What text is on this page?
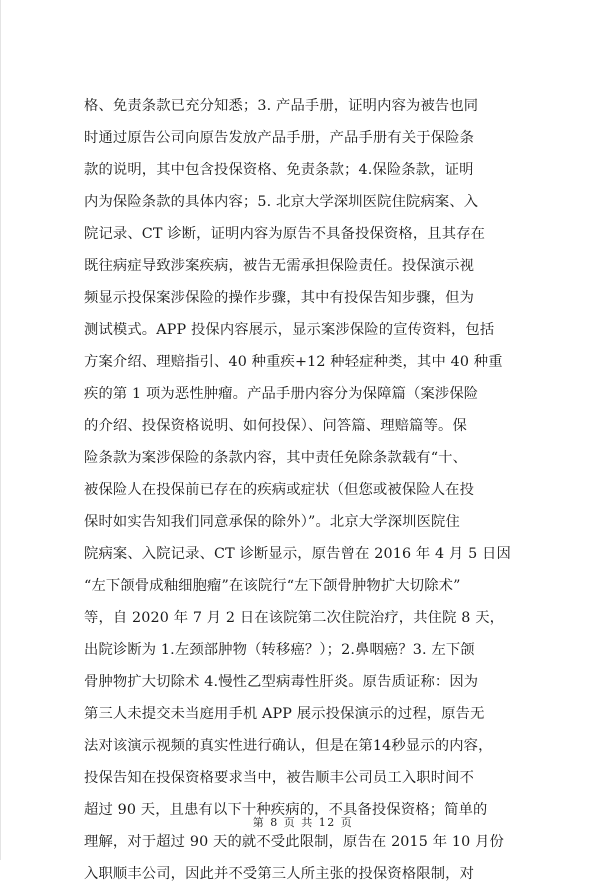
格、免责条款已充分知悉；3. 产品手册，证明内容为被告也同
时通过原告公司向原告发放产品手册，产品手册有关于保险条
款的说明，其中包含投保资格、免责条款；4.保险条款，证明
内为保险条款的具体内容；5. 北京大学深圳医院住院病案、入
院记录、CT 诊断，证明内容为原告不具备投保资格，且其存在
既往病症导致涉案疾病，被告无需承担保险责任。投保演示视
频显示投保案涉保险的操作步骤，其中有投保告知步骤，但为
测试模式。APP 投保内容展示，显示案涉保险的宣传资料，包括
方案介绍、理赔指引、40 种重疾+12 种轻症种类，其中 40 种重
疾的第 1 项为恶性肿瘤。产品手册内容分为保障篇（案涉保险
的介绍、投保资格说明、如何投保）、问答篇、理赔篇等。保
险条款为案涉保险的条款内容，其中责任免除条款载有“十、
被保险人在投保前已存在的疾病或症状（但您或被保险人在投
保时如实告知我们同意承保的除外）”。北京大学深圳医院住
院病案、入院记录、CT 诊断显示，原告曾在 2016 年 4 月 5 日因
“左下颌骨成釉细胞瘤”在该院行“左下颌骨肿物扩大切除术”
等，自 2020 年 7 月 2 日在该院第二次住院治疗，共住院 8 天，
出院诊断为 1.左颈部肿物（转移癌？）；2.鼻咽癌？3. 左下颌
骨肿物扩大切除术 4.慢性乙型病毒性肝炎。原告质证称：因为
第三人未提交未当庭用手机 APP 展示投保演示的过程，原告无
法对该演示视频的真实性进行确认，但是在第14秒显示的内容，
投保告知在投保资格要求当中，被告顺丰公司员工入职时间不
超过 90 天，且患有以下十种疾病的，不具备投保资格；简单的
理解，对于超过 90 天的就不受此限制，原告在 2015 年 10 月份
入职顺丰公司，因此并不受第三人所主张的投保资格限制，对
第 8 页 共 12 页
